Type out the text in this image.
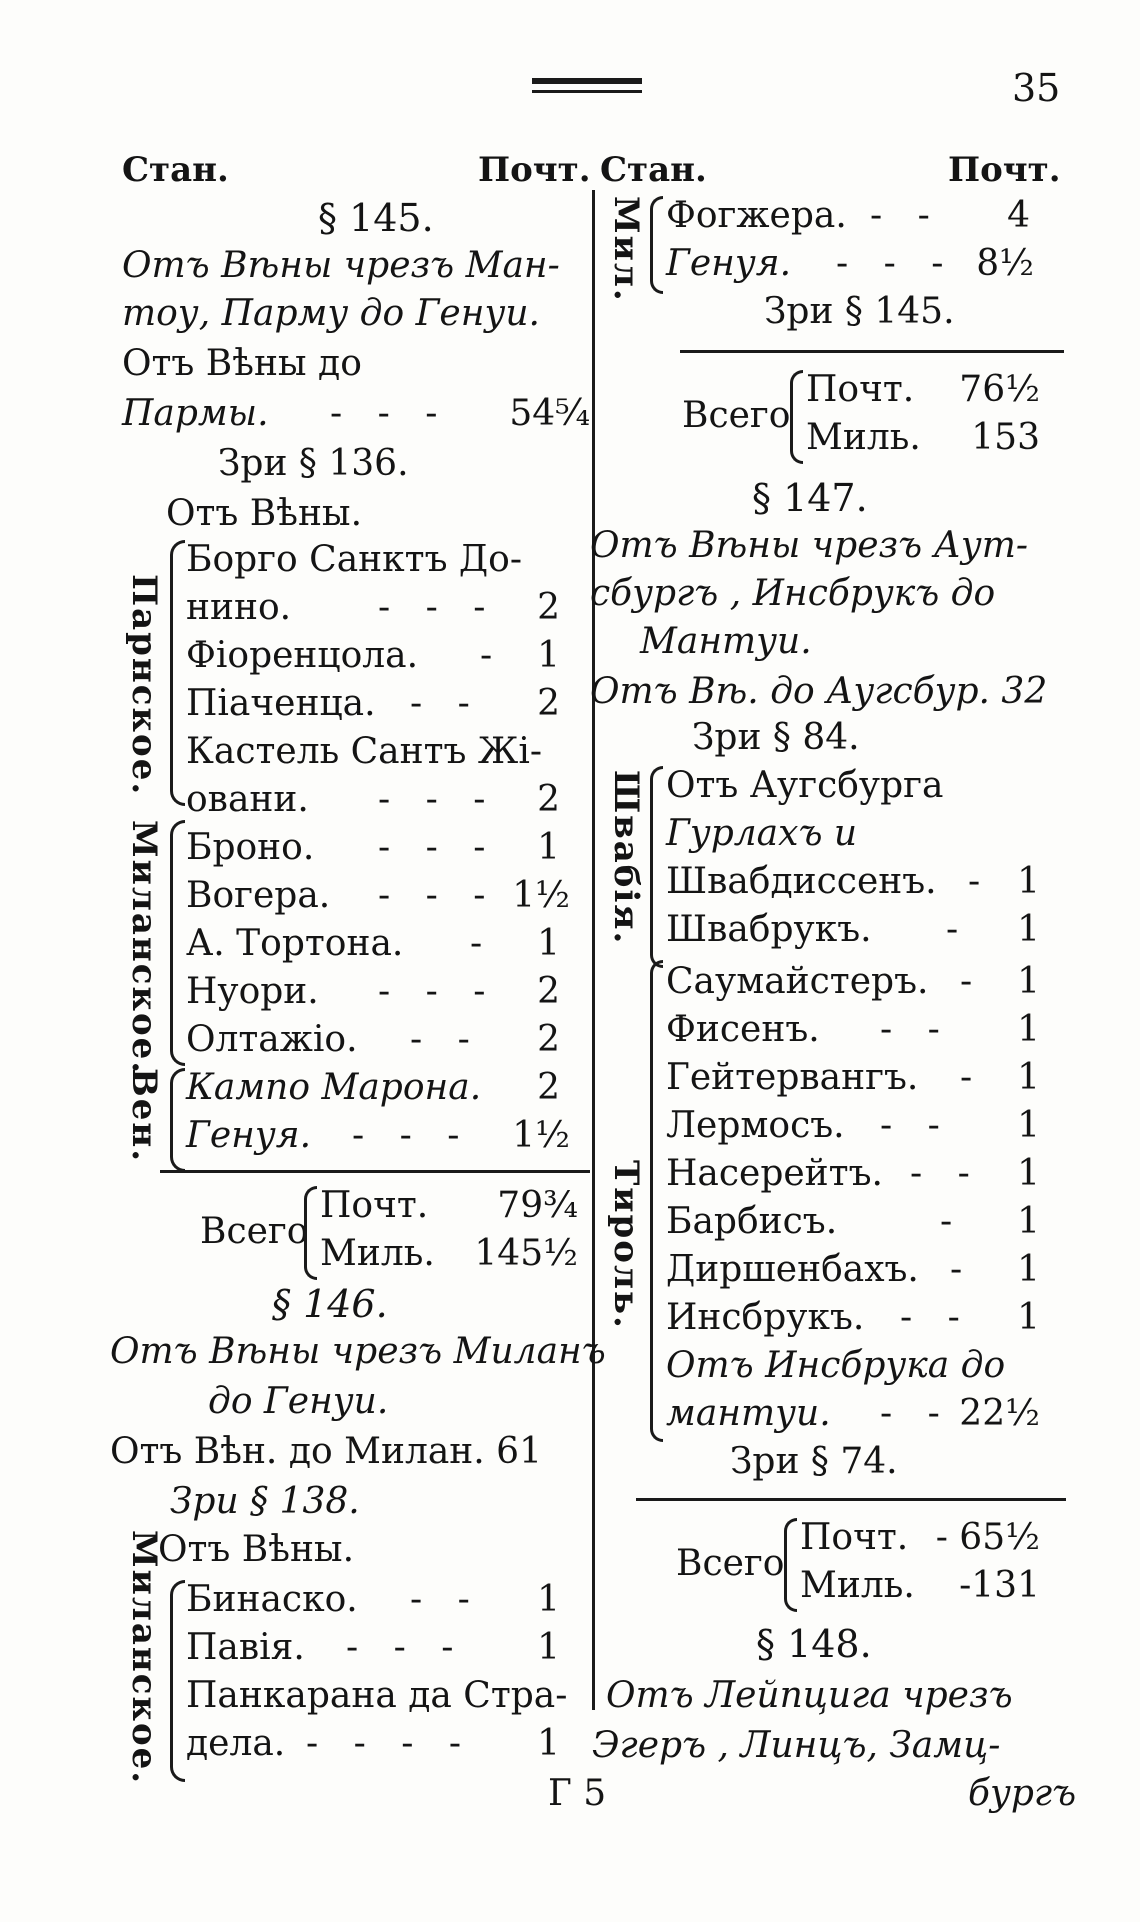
35
Стан.	Почт. Стан.	Почт.
§ 145.
Отъ Вѣны чрезъ Ман-
тоу, Парму до Генуи.
Отъ Вѣны до
Пармы. - - -	54⁵⁄₄
Зри § 136.
Отъ Вѣны.
Парнское.
Миланское.
Вен.
Борго Санктъ До-
нино. - - -	2
Фіоренцола. - 1
Піаченца. - -	2
Кастель Сантъ Жі-
овани. - - -	2
Броно. - - -	1
Вогера. - - - 1½
А. Тортона. -	1
Нуори. - - -	2
Олтажіо. - -	2
Кампо Марона.	2
Генуя. - - -	1½
Всего
Почт.	79¾
Миль.	145½
§ 146.
Отъ Вѣны чрезъ Миланъ
до Генуи.
Отъ Вѣн. до Милан. 61
Зри § 138.
Миланское.
Отъ Вѣны.
Бинаско. - -	1
Павія. - - -	1
Панкарана да Стра-
дела. - - - -	1
Мил. Фогжера. - -	4
Генуя. - - - 8½
Зри § 145.
Всего
Почт.	76½
Миль.	153
§ 147.
Отъ Вѣны чрезъ Аут-
сбургъ , Инсбрукъ до
Мантуи.
Отъ Вѣ. до Аугсбур. 32
Зри § 84.
Швабія. Отъ Аугсбурга
Гурлахъ и
Швабдиссенъ. - 1
Швабрукъ. -	1
Тироль.
Саумайстеръ. - 1
Фисенъ. - -	1
Гейтервангъ. - 1
Лермосъ. - -	1
Насерейтъ. - - 1
Барбисъ.	-	1
Диршенбахъ. -	1
Инсбрукъ. - -	1
Отъ Инсбрука до
мантуи. - - 22½
Зри § 74.
Всего
Почт. - 65½
Миль.	-131
§ 148.
Отъ Лейпцига чрезъ
Эгеръ , Линцъ, Замц-
бургъ
Г 5
